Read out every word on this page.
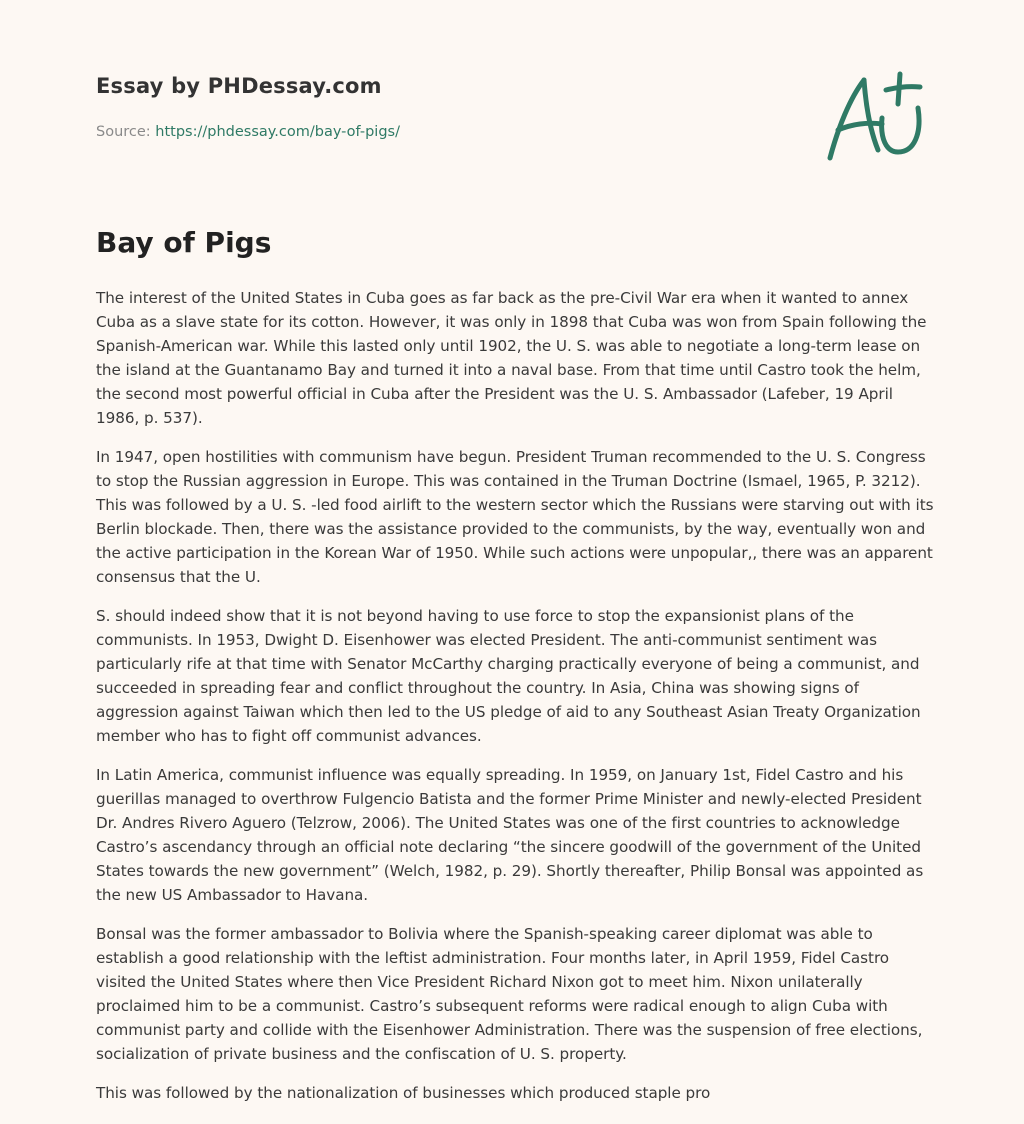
Essay by PHDessay.com
Source: https://phdessay.com/bay-of-pigs/
Bay of Pigs

The interest of the United States in Cuba goes as far back as the pre-Civil War era when it wanted to annex Cuba as a slave state for its cotton. However, it was only in 1898 that Cuba was won from Spain following the Spanish-American war. While this lasted only until 1902, the U. S. was able to negotiate a long-term lease on the island at the Guantanamo Bay and turned it into a naval base. From that time until Castro took the helm, the second most powerful official in Cuba after the President was the U. S. Ambassador (Lafeber, 19 April 1986, p. 537).

In 1947, open hostilities with communism have begun. President Truman recommended to the U. S. Congress to stop the Russian aggression in Europe. This was contained in the Truman Doctrine (Ismael, 1965, P. 3212). This was followed by a U. S. -led food airlift to the western sector which the Russians were starving out with its Berlin blockade. Then, there was the assistance provided to the communists, by the way, eventually won and the active participation in the Korean War of 1950. While such actions were unpopular,, there was an apparent consensus that the U.

S. should indeed show that it is not beyond having to use force to stop the expansionist plans of the communists. In 1953, Dwight D. Eisenhower was elected President. The anti-communist sentiment was particularly rife at that time with Senator McCarthy charging practically everyone of being a communist, and succeeded in spreading fear and conflict throughout the country. In Asia, China was showing signs of aggression against Taiwan which then led to the US pledge of aid to any Southeast Asian Treaty Organization member who has to fight off communist advances.

In Latin America, communist influence was equally spreading. In 1959, on January 1st, Fidel Castro and his guerillas managed to overthrow Fulgencio Batista and the former Prime Minister and newly-elected President Dr. Andres Rivero Aguero (Telzrow, 2006). The United States was one of the first countries to acknowledge Castro’s ascendancy through an official note declaring “the sincere goodwill of the government of the United States towards the new government” (Welch, 1982, p. 29). Shortly thereafter, Philip Bonsal was appointed as the new US Ambassador to Havana.

Bonsal was the former ambassador to Bolivia where the Spanish-speaking career diplomat was able to establish a good relationship with the leftist administration. Four months later, in April 1959, Fidel Castro visited the United States where then Vice President Richard Nixon got to meet him. Nixon unilaterally proclaimed him to be a communist. Castro’s subsequent reforms were radical enough to align Cuba with communist party and collide with the Eisenhower Administration. There was the suspension of free elections, socialization of private business and the confiscation of U. S. property.

This was followed by the nationalization of businesses which produced staple pro
